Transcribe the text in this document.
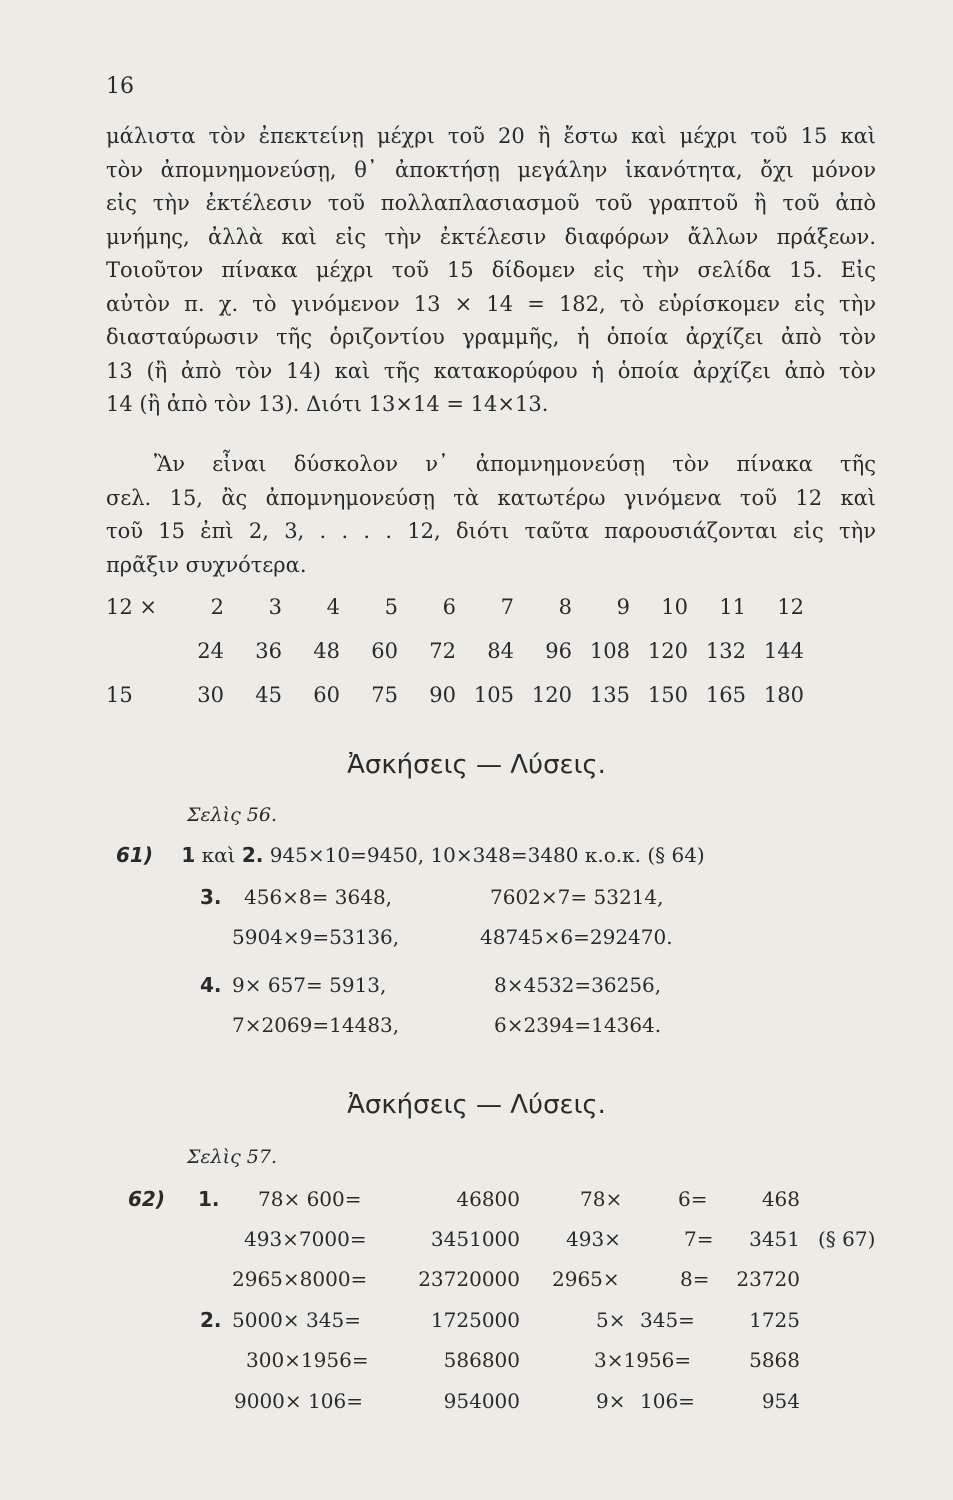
16
μάλιστα τὸν ἐπεκτείνῃ μέχρι τοῦ 20 ἢ ἔστω καὶ μέχρι τοῦ 15 καὶ
τὸν ἀπομνημονεύσῃ, θ᾿ ἀποκτήσῃ μεγάλην ἱκανότητα, ὄχι μόνον
εἰς τὴν ἐκτέλεσιν τοῦ πολλαπλασιασμοῦ τοῦ γραπτοῦ ἢ τοῦ ἀπὸ
μνήμης, ἀλλὰ καὶ εἰς τὴν ἐκτέλεσιν διαφόρων ἄλλων πράξεων.
Τοιοῦτον πίνακα μέχρι τοῦ 15 δίδομεν εἰς τὴν σελίδα 15. Εἰς
αὐτὸν π. χ. τὸ γινόμενον 13 × 14 = 182, τὸ εὑρίσκομεν εἰς τὴν
διασταύρωσιν τῆς ὁριζοντίου γραμμῆς, ἡ ὁποία ἀρχίζει ἀπὸ τὸν
13 (ἢ ἀπὸ τὸν 14) καὶ τῆς κατακορύφου ἡ ὁποία ἀρχίζει ἀπὸ τὸν
14 (ἢ ἀπὸ τὸν 13). Διότι 13×14 = 14×13.
Ἂν εἶναι δύσκολον ν᾿ ἀπομνημονεύσῃ τὸν πίνακα τῆς
σελ. 15, ἂς ἀπομνημονεύσῃ τὰ κατωτέρω γινόμενα τοῦ 12 καὶ
τοῦ 15 ἐπὶ 2, 3, . . . . 12, διότι ταῦτα παρουσιάζονται εἰς τὴν
πρᾶξιν συχνότερα.
12 ×	2	3	4	5	6	7	8	9	10	11	12
	24	36	48	60	72	84	96	108	120	132	144
15	30	45	60	75	90	105	120	135	150	165	180
Ἀσκήσεις — Λύσεις.
Σελὶς 56.
61) 1 καὶ 2. 945×10=9450, 10×348=3480 κ.ο.κ. (§ 64)
3. 456×8= 3648,	7602×7= 53214,
5904×9=53136,	48745×6=292470.
4. 9× 657= 5913,	8×4532=36256,
7×2069=14483,	6×2394=14364.
Ἀσκήσεις — Λύσεις.
Σελὶς 57.
62) 1.
2.
78× 600=	46800	78×	6=	468
493×7000=	3451000 493×	7=	3451 (§ 67)
2965×8000=	23720000 2965×	8=	23720
5000× 345=	1725000	5× 345=	1725
300×1956=	586800	3×1956=	5868
9000× 106=	954000	9× 106=	954
